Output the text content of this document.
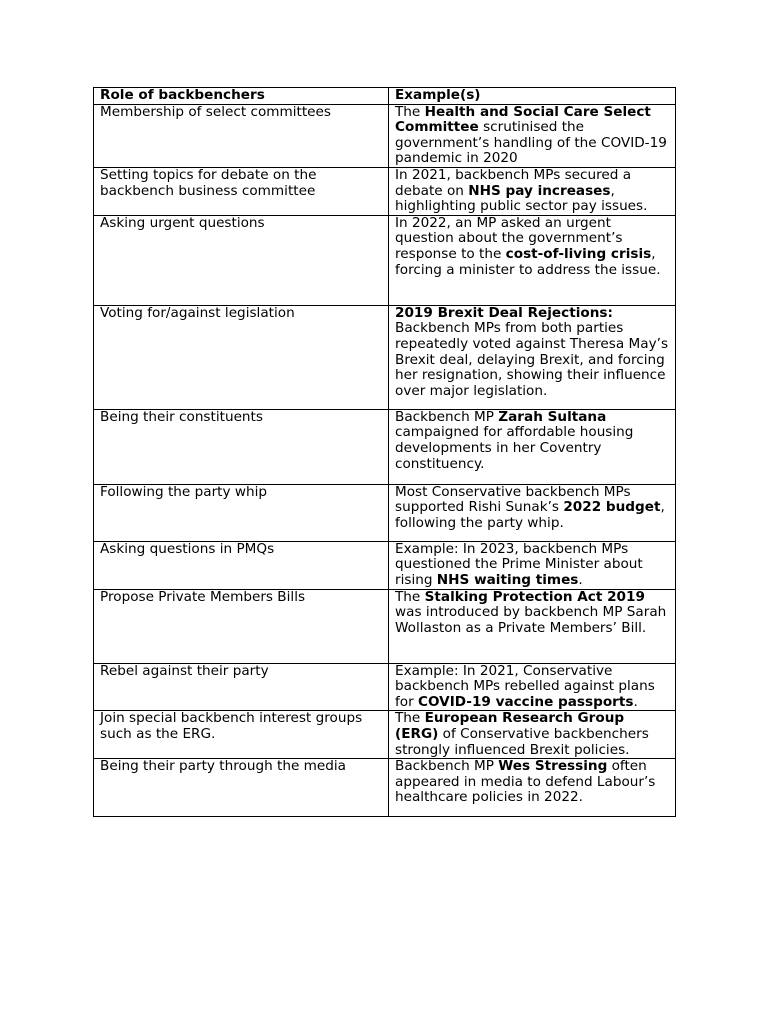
Role of backbenchers	Example(s)
Membership of select committees	The Health and Social Care Select Committee scrutinised the government’s handling of the COVID-19 pandemic in 2020
Setting topics for debate on the backbench business committee	In 2021, backbench MPs secured a debate on NHS pay increases, highlighting public sector pay issues.
Asking urgent questions	In 2022, an MP asked an urgent question about the government’s response to the cost-of-living crisis, forcing a minister to address the issue.
Voting for/against legislation	2019 Brexit Deal Rejections: Backbench MPs from both parties repeatedly voted against Theresa May’s Brexit deal, delaying Brexit, and forcing her resignation, showing their influence over major legislation.
Being their constituents	Backbench MP Zarah Sultana campaigned for affordable housing developments in her Coventry constituency.
Following the party whip	Most Conservative backbench MPs supported Rishi Sunak’s 2022 budget, following the party whip.
Asking questions in PMQs	Example: In 2023, backbench MPs questioned the Prime Minister about rising NHS waiting times.
Propose Private Members Bills	The Stalking Protection Act 2019 was introduced by backbench MP Sarah Wollaston as a Private Members’ Bill.
Rebel against their party	Example: In 2021, Conservative backbench MPs rebelled against plans for COVID-19 vaccine passports.
Join special backbench interest groups such as the ERG.	The European Research Group (ERG) of Conservative backbenchers strongly influenced Brexit policies.
Being their party through the media	Backbench MP Wes Stressing often appeared in media to defend Labour’s healthcare policies in 2022.
